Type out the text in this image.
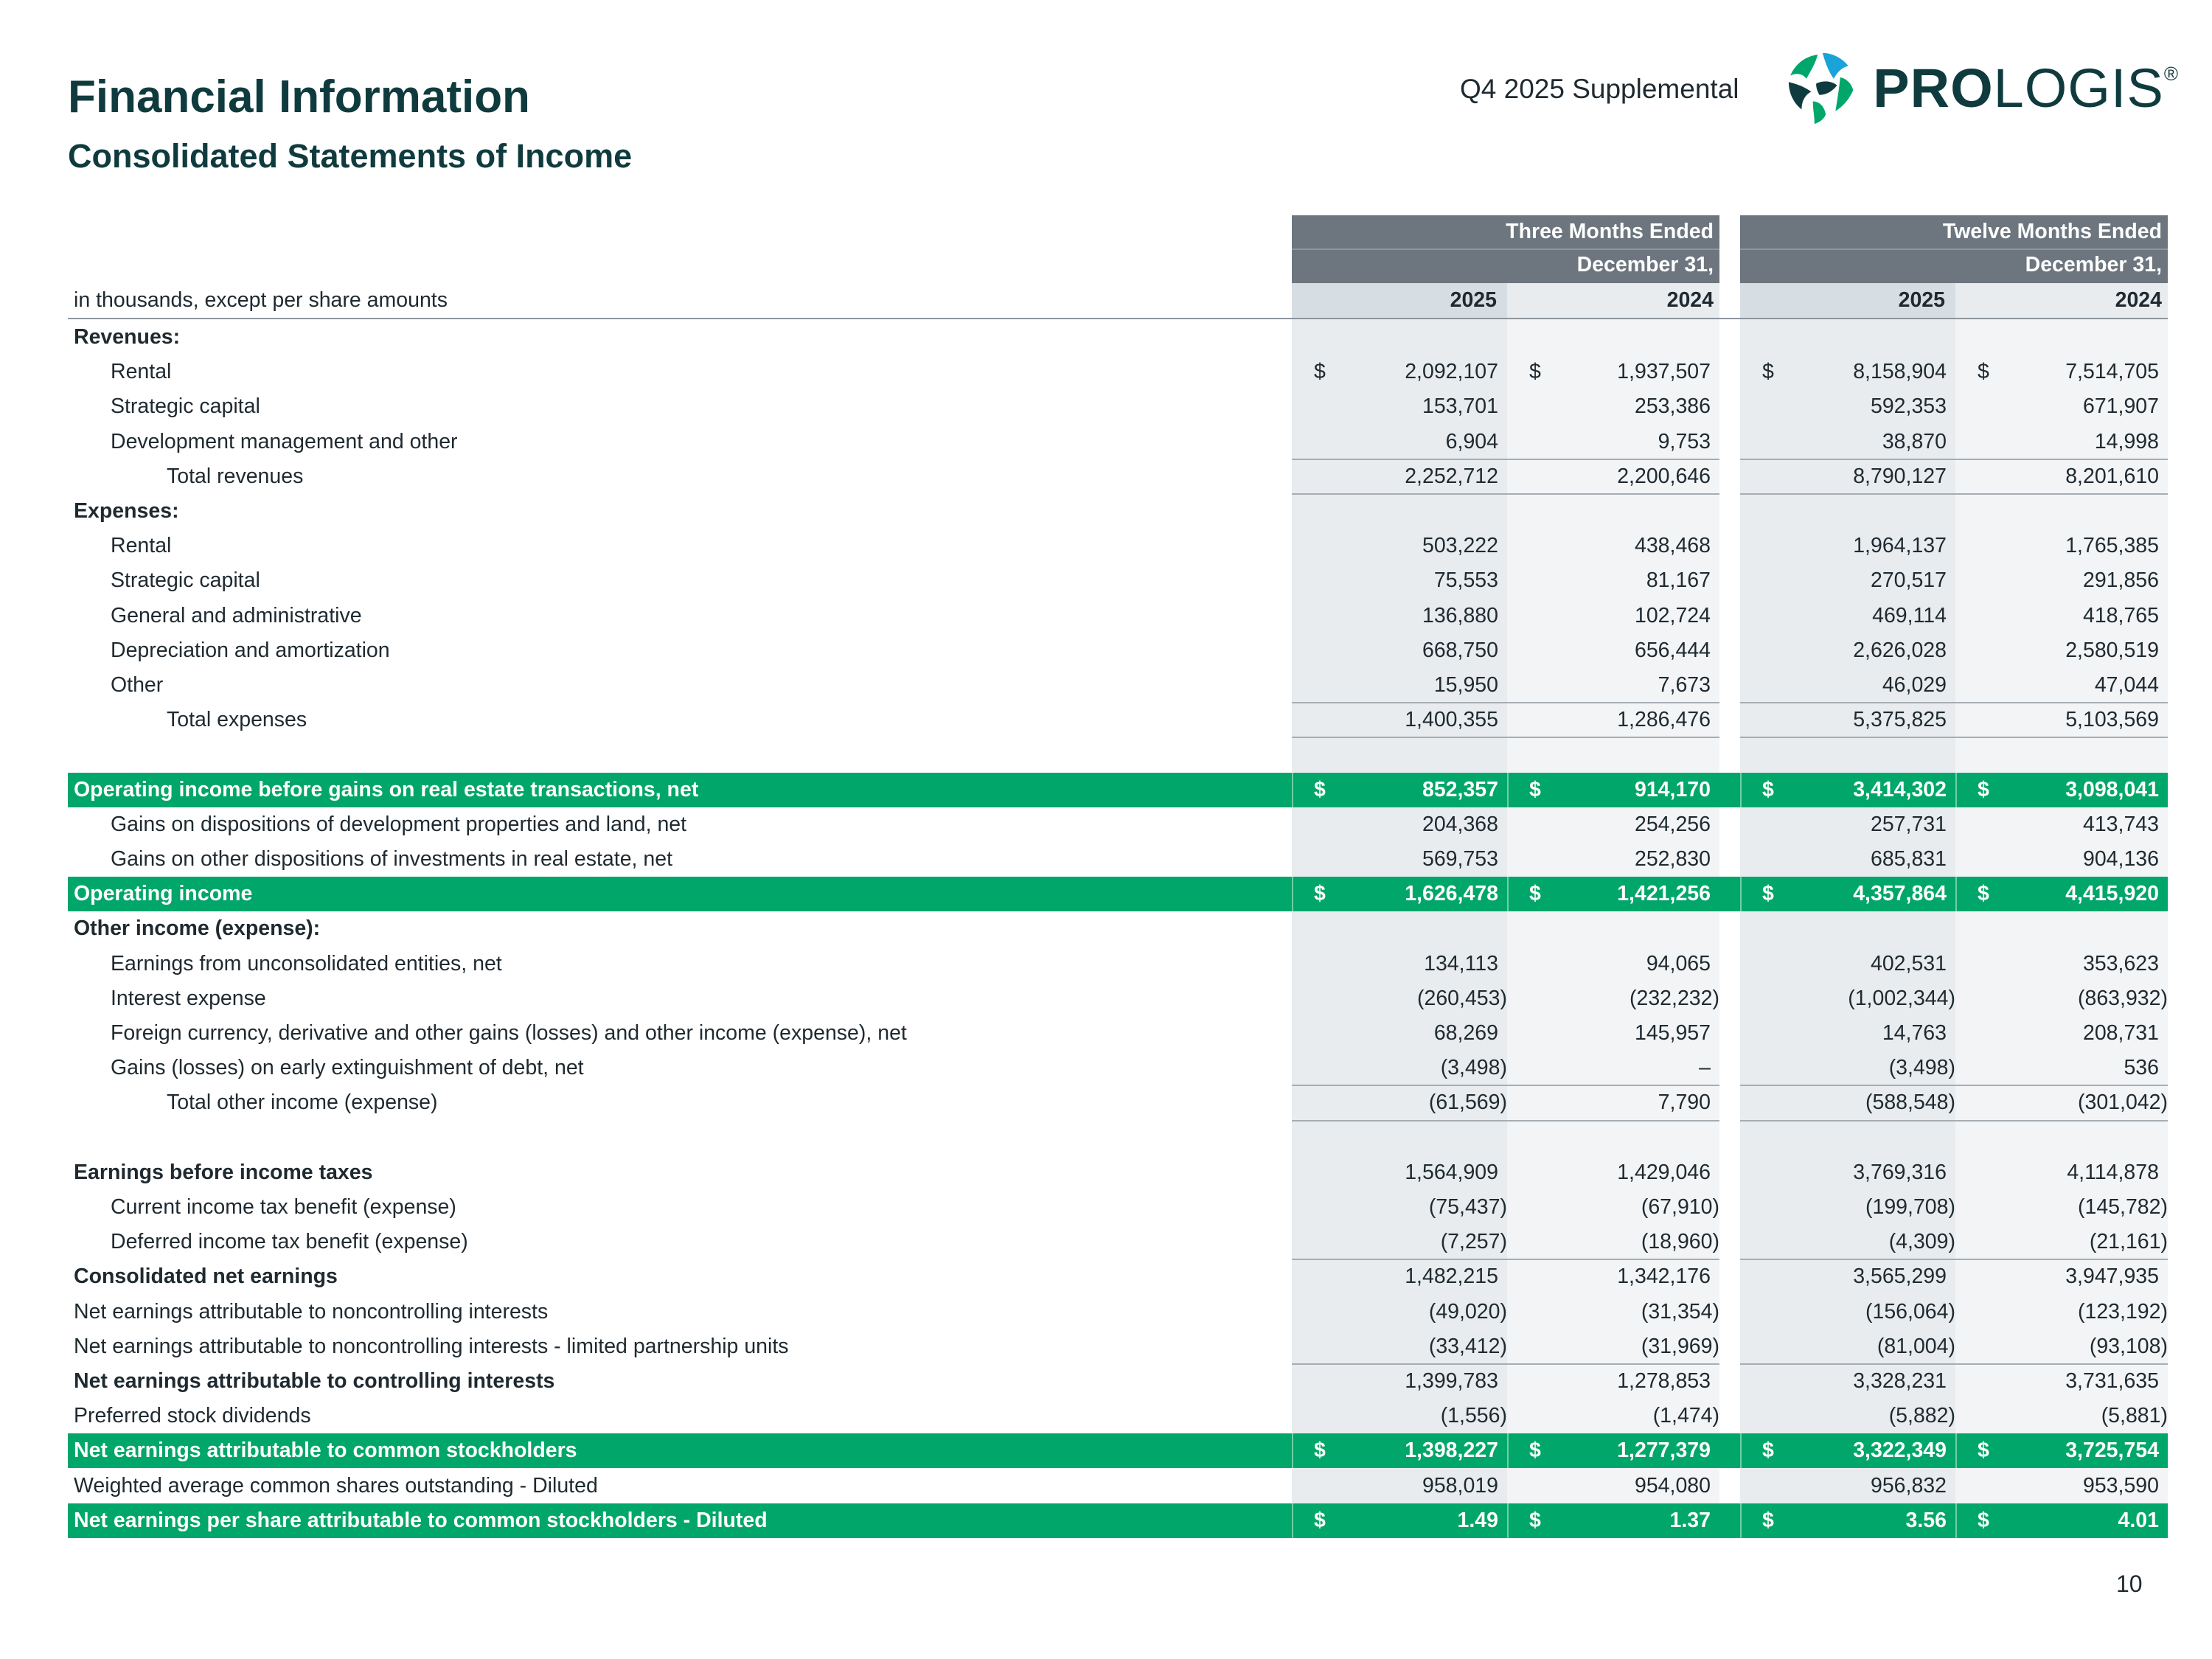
Financial Information
Consolidated Statements of Income
Q4 2025 Supplemental PROLOGIS®
Three Months Ended
December 31,
Twelve Months Ended
December 31,
in thousands, except per share amounts	2025	2024	2025	2024
Revenues:
Rental	$	2,092,107 $	1,937,507 $	8,158,904 $	7,514,705
Strategic capital	153,701	253,386	592,353	671,907
Development management and other	6,904	9,753	38,870	14,998
Total revenues	2,252,712	2,200,646	8,790,127	8,201,610
Expenses:
Rental	503,222	438,468	1,964,137	1,765,385
Strategic capital	75,553	81,167	270,517	291,856
General and administrative	136,880	102,724	469,114	418,765
Depreciation and amortization	668,750	656,444	2,626,028	2,580,519
Other	15,950	7,673	46,029	47,044
Total expenses	1,400,355	1,286,476	5,375,825	5,103,569
Operating income before gains on real estate transactions, net	$	852,357 $	914,170 $	3,414,302 $	3,098,041
Gains on dispositions of development properties and land, net	204,368	254,256	257,731	413,743
Gains on other dispositions of investments in real estate, net	569,753	252,830	685,831	904,136
Operating income	$	1,626,478 $	1,421,256 $	4,357,864 $	4,415,920
Other income (expense):
Earnings from unconsolidated entities, net	134,113	94,065	402,531	353,623
Interest expense	(260,453)	(232,232)	(1,002,344)	(863,932)
Foreign currency, derivative and other gains (losses) and other income (expense), net	68,269	145,957	14,763	208,731
Gains (losses) on early extinguishment of debt, net	(3,498)	–	(3,498)	536
Total other income (expense)	(61,569)	7,790	(588,548)	(301,042)
Earnings before income taxes	1,564,909	1,429,046	3,769,316	4,114,878
Current income tax benefit (expense)	(75,437)	(67,910)	(199,708)	(145,782)
Deferred income tax benefit (expense)	(7,257)	(18,960)	(4,309)	(21,161)
Consolidated net earnings	1,482,215	1,342,176	3,565,299	3,947,935
Net earnings attributable to noncontrolling interests	(49,020)	(31,354)	(156,064)	(123,192)
Net earnings attributable to noncontrolling interests - limited partnership units	(33,412)	(31,969)	(81,004)	(93,108)
Net earnings attributable to controlling interests	1,399,783	1,278,853	3,328,231	3,731,635
Preferred stock dividends	(1,556)	(1,474)	(5,882)	(5,881)
Net earnings attributable to common stockholders	$	1,398,227 $	1,277,379 $	3,322,349 $	3,725,754
Weighted average common shares outstanding - Diluted	958,019	954,080	956,832	953,590
Net earnings per share attributable to common stockholders - Diluted	$	1.49 $	1.37 $	3.56 $	4.01
10
